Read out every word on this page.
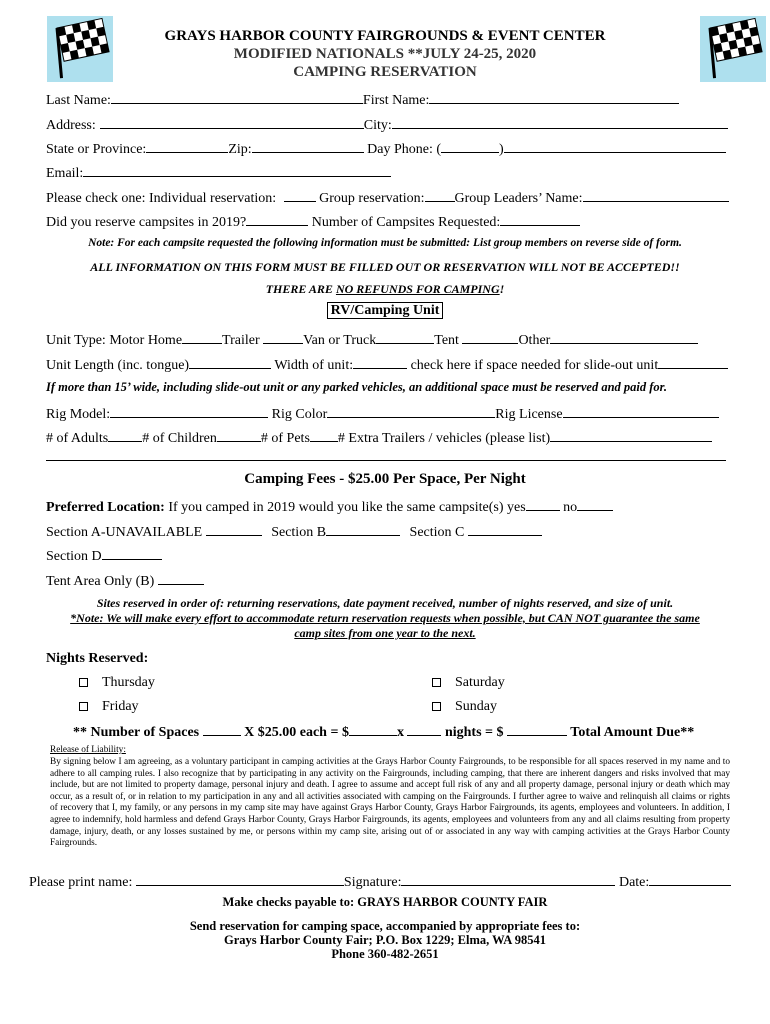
GRAYS HARBOR COUNTY FAIRGROUNDS & EVENT CENTER
MODIFIED NATIONALS **JULY 24-25, 2020
CAMPING RESERVATION
Last Name:	First Name:
Address:	City:
State or Province:	Zip:	Day Phone: (	)
Email:
Please check one: Individual reservation:	Group reservation: Group Leaders’ Name:
Did you reserve campsites in 2019?	Number of Campsites Requested:
Note: For each campsite requested the following information must be submitted: List group members on reverse side of form.
ALL INFORMATION ON THIS FORM MUST BE FILLED OUT OR RESERVATION WILL NOT BE ACCEPTED!!
THERE ARE NO REFUNDS FOR CAMPING!
RV/Camping Unit
Unit Type: Motor Home	Trailer	Van or Truck	Tent	Other
Unit Length (inc. tongue)	Width of unit:	check here if space needed for slide-out unit
If more than 15’ wide, including slide-out unit or any parked vehicles, an additional space must be reserved and paid for.
Rig Model:	Rig Color	Rig License
# of Adults # of Children	# of Pets # Extra Trailers / vehicles (please list)
Camping Fees - $25.00 Per Space, Per Night
Preferred Location: If you camped in 2019 would you like the same campsite(s) yes no
Section A-UNAVAILABLE	Section B	Section C
Section D
Tent Area Only (B)
Sites reserved in order of: returning reservations, date payment received, number of nights reserved, and size of unit.
*Note: We will make every effort to accommodate return reservation requests when possible, but CAN NOT guarantee the same
camp sites from one year to the next.
Nights Reserved:
Thursday
Friday
Saturday
Sunday
** Number of Spaces	X $25.00 each = $	x	nights = $	Total Amount Due**
Release of Liability:
By signing below I am agreeing, as a voluntary participant in camping activities at the Grays Harbor County Fairgrounds, to be responsible for all spaces reserved in my name and to adhere to all camping rules. I also recognize that by participating in any activity on the Fairgrounds, including camping, that there are inherent dangers and risks involved that may include, but are not limited to property damage, personal injury and death. I agree to assume and accept full risk of any and all property damage, personal injury or death which may occur, as a result of, or in relation to my participation in any and all activities associated with camping on the Fairgrounds. I further agree to waive and relinquish all claims or rights of recovery that I, my family, or any persons in my camp site may have against Grays Harbor County, Grays Harbor Fairgrounds, its agents, employees and volunteers. In addition, I agree to indemnify, hold harmless and defend Grays Harbor County, Grays Harbor Fairgrounds, its agents, employees and volunteers from any and all claims resulting from property damage, injury, death, or any losses sustained by me, or persons within my camp site, arising out of or associated in any way with camping activities at the Grays Harbor County Fairgrounds.
Please print name:	Signature:	Date:
Make checks payable to: GRAYS HARBOR COUNTY FAIR
Send reservation for camping space, accompanied by appropriate fees to:
Grays Harbor County Fair; P.O. Box 1229; Elma, WA 98541
Phone 360-482-2651
